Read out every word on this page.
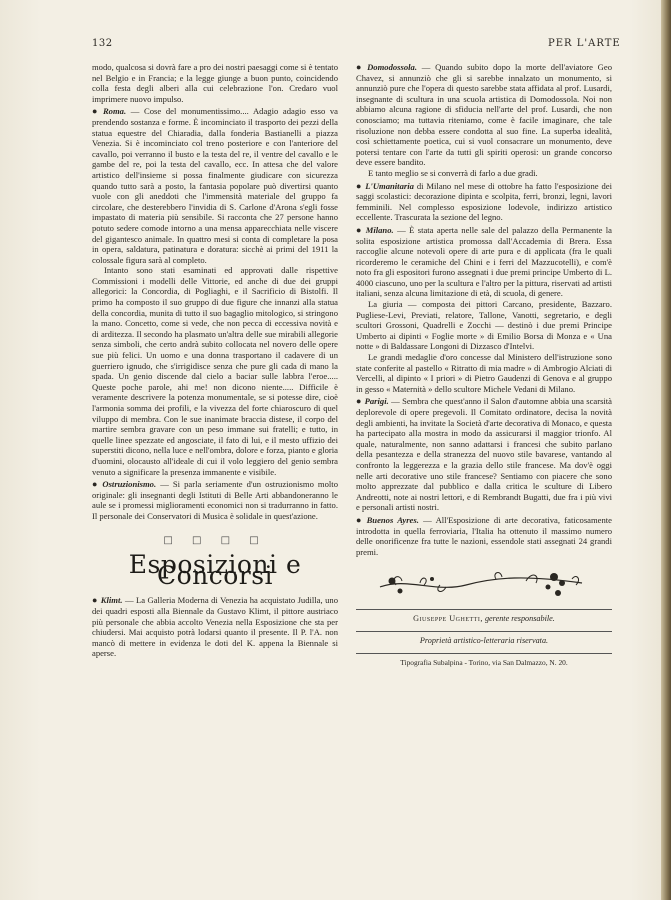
132	PER L'ARTE

modo, qualcosa si dovrà fare a pro dei nostri paesaggi come si è tentato nel Belgio e in Francia; e la legge giunge a buon punto, coincidendo colla festa degli alberi alla cui celebrazione l'on. Credaro vuol imprimere nuovo impulso.

● Roma. — Cose del monumentissimo.... Adagio adagio esso va prendendo sostanza e forme. È incominciato il trasporto dei pezzi della statua equestre del Chiaradia, dalla fonderia Bastianelli a piazza Venezia. Si è incominciato col treno posteriore e con l'anteriore del cavallo, poi verranno il busto e la testa del re, il ventre del cavallo e le gambe del re, poi la testa del cavallo, ecc. In attesa che del valore artistico dell'insieme si possa finalmente giudicare con sicurezza quando tutto sarà a posto, la fantasia popolare può divertirsi quanto vuole con gli aneddoti che l'immensità materiale del gruppo fa circolare, che desterebbero l'invidia di S. Carlone d'Arona s'egli fosse impastato di materia più sensibile. Si racconta che 27 persone hanno potuto sedere comode intorno a una mensa apparecchiata nelle viscere del gigantesco animale. In quattro mesi si conta di completare la posa in opera, saldatura, patinatura e doratura: sicchè ai primi del 1911 la colossale figura sarà al completo.

Intanto sono stati esaminati ed approvati dalle rispettive Commissioni i modelli delle Vittorie, ed anche di due dei gruppi allegorici: la Concordia, di Pogliaghi, e il Sacrificio di Bistolfi. Il primo ha composto il suo gruppo di due figure che innanzi alla statua della concordia, munita di tutto il suo bagaglio mitologico, si stringono la mano. Concetto, come si vede, che non pecca di eccessiva novità e di arditezza. Il secondo ha plasmato un'altra delle sue mirabili allegorie senza simboli, che certo andrà subito collocata nel novero delle opere sue più felici. Un uomo e una donna trasportano il cadavere di un guerriero ignudo, che s'irrigidisce senza che pure gli cada di mano la spada. Un genio discende dal cielo a baciar sulle labbra l'eroe..... Queste poche parole, ahi me! non dicono niente..... Difficile è veramente descrivere la potenza monumentale, se si potesse dire, cioè l'armonia somma dei profili, e la vivezza del forte chiaroscuro di quel viluppo di membra. Con le sue inanimate braccia distese, il corpo del martire sembra gravare con un peso immane sui fratelli; e tutto, in quelle linee spezzate ed angosciate, il fato di lui, e il mesto uffizio dei superstiti dicono, nella luce e nell'ombra, dolore e forza, pianto e gloria d'uomini, olocausto all'ideale di cui il volo leggiero del genio sembra venuto a significare la presenza immanente e visibile.

● Ostruzionismo. — Si parla seriamente d'un ostruzionismo molto originale: gli insegnanti degli Istituti di Belle Arti abbandoneranno le aule se i promessi miglioramenti economici non si tradurranno in fatto. Il personale dei Conservatori di Musica è solidale in quest'azione.

□ □ □ □
Esposizioni e Concorsi

● Klimt. — La Galleria Moderna di Venezia ha acquistato Judilla, uno dei quadri esposti alla Biennale da Gustavo Klimt, il pittore austriaco più personale che abbia accolto Venezia nella Esposizione che sta per chiudersi. Mai acquisto potrà lodarsi quanto il presente. Il P. l'A. non mancò di mettere in evidenza le doti del K. appena la Biennale si aperse.

● Domodossola. — Quando subito dopo la morte dell'aviatore Geo Chavez, si annunziò che gli si sarebbe innalzato un monumento, si annunziò pure che l'opera di questo sarebbe stata affidata al prof. Lusardi, insegnante di scultura in una scuola artistica di Domodossola. Noi non abbiamo alcuna ragione di sfiducia nell'arte del prof. Lusardi, che non conosciamo; ma tuttavia riteniamo, come è facile imaginare, che tale risoluzione non debba essere condotta al suo fine. La superba idealità, così schiettamente poetica, cui si vuol consacrare un monumento, deve potersi tentare con l'arte da tutti gli spiriti operosi: un grande concorso deve essere bandito.

E tanto meglio se si converrà di farlo a due gradi.

● L'Umanitaria di Milano nel mese di ottobre ha fatto l'esposizione dei saggi scolastici: decorazione dipinta e scolpita, ferri, bronzi, legni, lavori femminili. Nel complesso esposizione lodevole, indirizzo artistico eccellente. Trascurata la sezione del legno.

● Milano. — È stata aperta nelle sale del palazzo della Permanente la solita esposizione artistica promossa dall'Accademia di Brera. Essa raccoglie alcune notevoli opere di arte pura e di applicata (fra le quali ricorderemo le ceramiche del Chini e i ferri del Mazzucotelli), e com'è noto fra gli espositori furono assegnati i due premi principe Umberto di L. 4000 ciascuno, uno per la scultura e l'altro per la pittura, riservati ad artisti italiani, senza alcuna limitazione di età, di scuola, di genere.

La giuria — composta dei pittori Carcano, presidente, Bazzaro. Pugliese-Levi, Previati, relatore, Tallone, Vanotti, segretario, e degli scultori Grossoni, Quadrelli e Zocchi — destinò i due premi Principe Umberto ai dipinti « Foglie morte » di Emilio Borsa di Monza e « Una notte » di Baldassare Longoni di Dizzasco d'Intelvi.

Le grandi medaglie d'oro concesse dal Ministero dell'istruzione sono state conferite al pastello « Ritratto di mia madre » di Ambrogio Alciati di Vercelli, al dipinto « I priori » di Pietro Gaudenzi di Genova e al gruppo in gesso « Maternità » dello scultore Michele Vedani di Milano.

● Parigi. — Sembra che quest'anno il Salon d'automne abbia una scarsità deplorevole di opere pregevoli. Il Comitato ordinatore, decisa la novità degli ambienti, ha invitate la Società d'arte decorativa di Monaco, e questa ha partecipato alla mostra in modo da assicurarsi il maggior trionfo. Al quale, naturalmente, non sanno adattarsi i francesi che subito parlano della pesantezza e della stranezza del nuovo stile bavarese, vantando al confronto la leggerezza e la grazia dello stile francese. Ma dov'è oggi nelle arti decorative uno stile francese? Sentiamo con piacere che sono molto apprezzate dal pubblico e dalla critica le sculture di Libero Andreotti, note ai nostri lettori, e di Rembrandt Bugatti, due fra i più vivi e personali artisti nostri.

● Buenos Ayres. — All'Esposizione di arte decorativa, faticosamente introdotta in quella ferroviaria, l'Italia ha ottenuto il massimo numero delle onorificenze fra tutte le nazioni, essendole stati assegnati 24 grandi premi.

Giuseppe Ughetti, gerente responsabile.
Proprietà artistico-letteraria riservata.
Tipografia Subalpina - Torino, via San Dalmazzo, N. 20.
